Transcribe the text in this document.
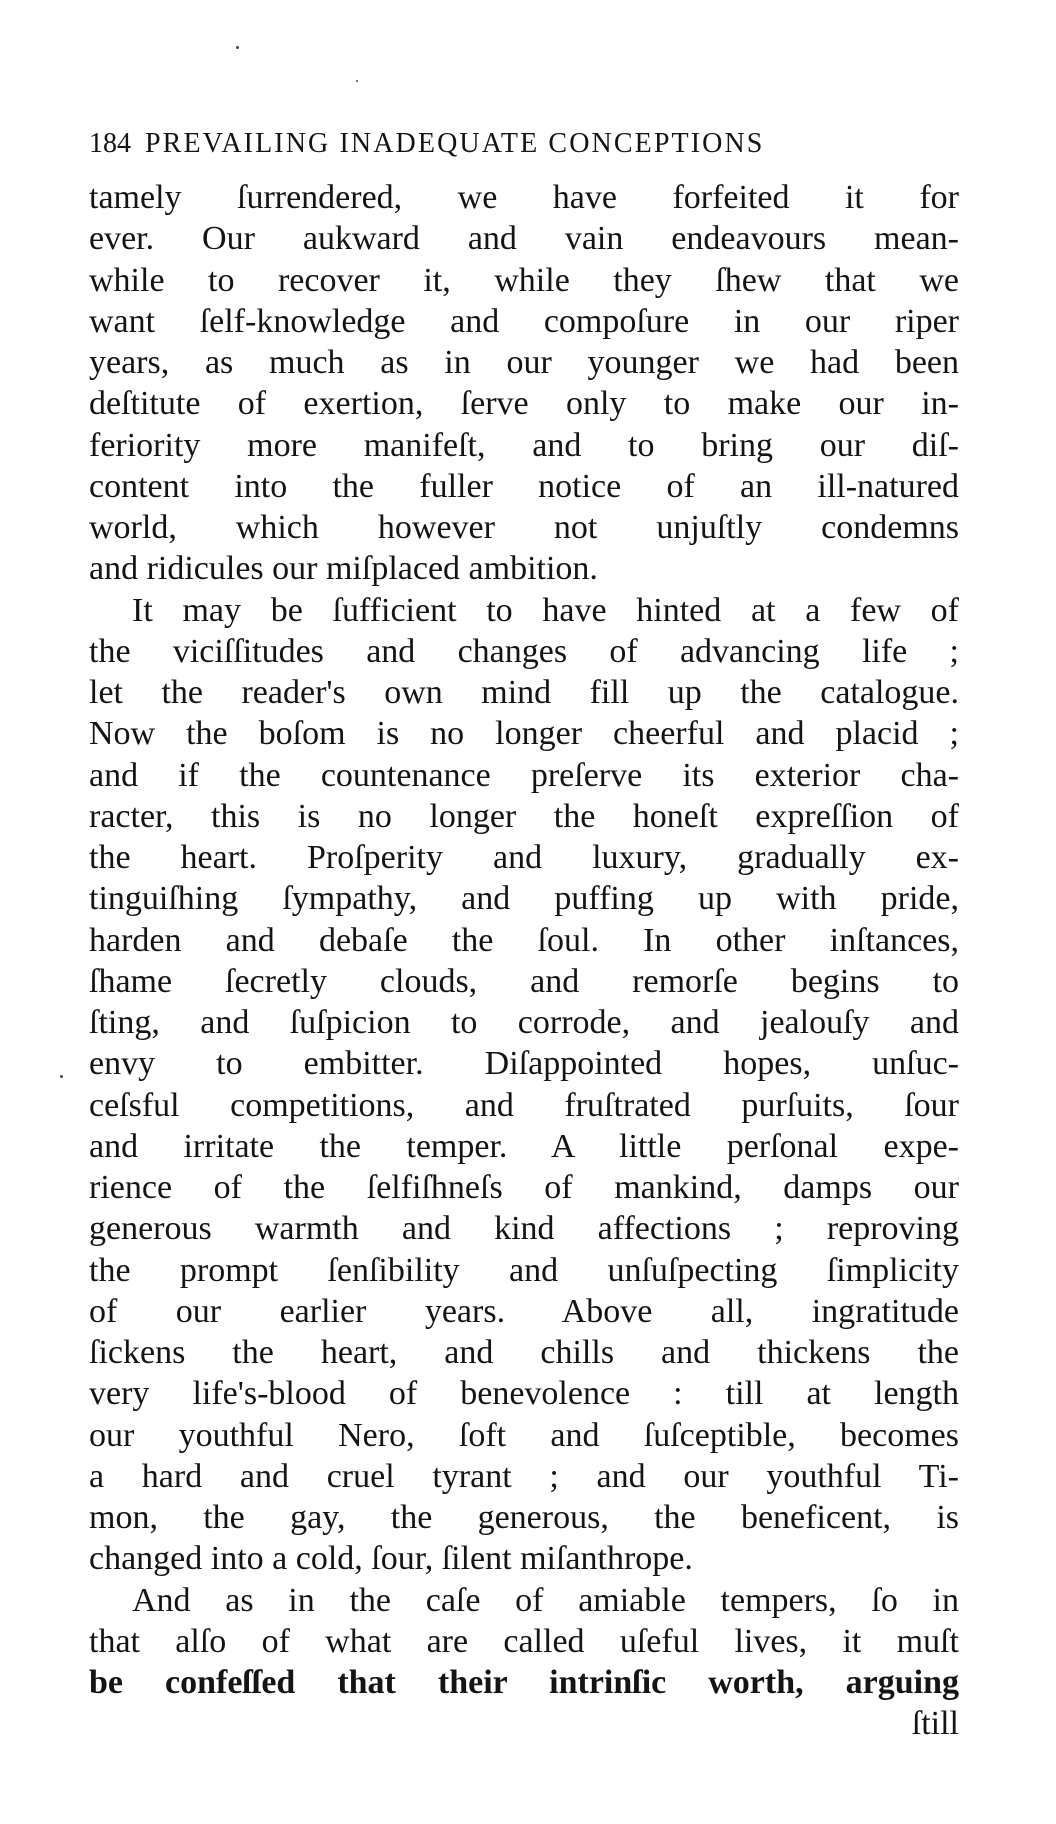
184 PREVAILING INADEQUATE CONCEPTIONS
tamely ſurrendered, we have forfeited it for
ever. Our aukward and vain endeavours mean-
while to recover it, while they ſhew that we
want ſelf-knowledge and compoſure in our riper
years, as much as in our younger we had been
deſtitute of exertion, ſerve only to make our in-
feriority more manifeſt, and to bring our diſ-
content into the fuller notice of an ill-natured
world, which however not unjuſtly condemns
and ridicules our miſplaced ambition.
It may be ſufficient to have hinted at a few of
the viciſſitudes and changes of advancing life ;
let the reader's own mind fill up the catalogue.
Now the boſom is no longer cheerful and placid ;
and if the countenance preſerve its exterior cha-
racter, this is no longer the honeſt expreſſion of
the heart. Proſperity and luxury, gradually ex-
tinguiſhing ſympathy, and puffing up with pride,
harden and debaſe the ſoul. In other inſtances,
ſhame ſecretly clouds, and remorſe begins to
ſting, and ſuſpicion to corrode, and jealouſy and
envy to embitter. Diſappointed hopes, unſuc-
ceſsful competitions, and fruſtrated purſuits, ſour
and irritate the temper. A little perſonal expe-
rience of the ſelfiſhneſs of mankind, damps our
generous warmth and kind affections ; reproving
the prompt ſenſibility and unſuſpecting ſimplicity
of our earlier years. Above all, ingratitude
ſickens the heart, and chills and thickens the
very life's-blood of benevolence : till at length
our youthful Nero, ſoft and ſuſceptible, becomes
a hard and cruel tyrant ; and our youthful Ti-
mon, the gay, the generous, the beneficent, is
changed into a cold, ſour, ſilent miſanthrope.
And as in the caſe of amiable tempers, ſo in
that alſo of what are called uſeful lives, it muſt
be confeſſed that their intrinſic worth, arguing
ſtill
